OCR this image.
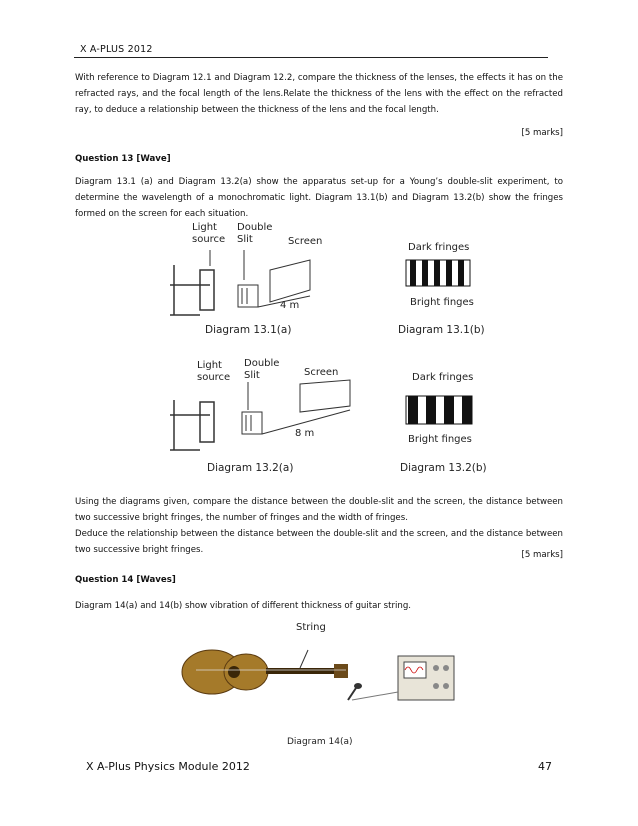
X A-PLUS 2012
With reference to Diagram 12.1 and Diagram 12.2, compare the thickness of the lenses, the effects it has on the refracted rays, and the focal length of the lens.Relate the thickness of the lens with the effect on the refracted ray, to deduce a relationship between the thickness of the lens and the focal length.
[5 marks]
Question 13 [Wave]
Diagram 13.1 (a) and Diagram 13.2(a) show the apparatus set-up for a Young’s double-slit experiment, to determine the wavelength of a monochromatic light. Diagram 13.1(b) and Diagram 13.2(b) show the fringes formed on the screen for each situation.
Light
source
Double
Slit	Screen
4 m
Diagram 13.1(a)
Dark fringes
Bright finges
Diagram 13.1(b)
Light
source
Double
Slit	Screen
8 m
Diagram 13.2(a)
Dark fringes
Bright finges
Diagram 13.2(b)
Using the diagrams given, compare the distance between the double-slit and the screen, the distance between two successive bright fringes, the number of fringes and the width of fringes.
Deduce the relationship between the distance between the double-slit and the screen, and the distance between two successive bright fringes.	[5 marks]
Question 14 [Waves]
Diagram 14(a) and 14(b) show vibration of different thickness of guitar string.
String
Diagram 14(a)
X A-Plus Physics Module 2012	47
